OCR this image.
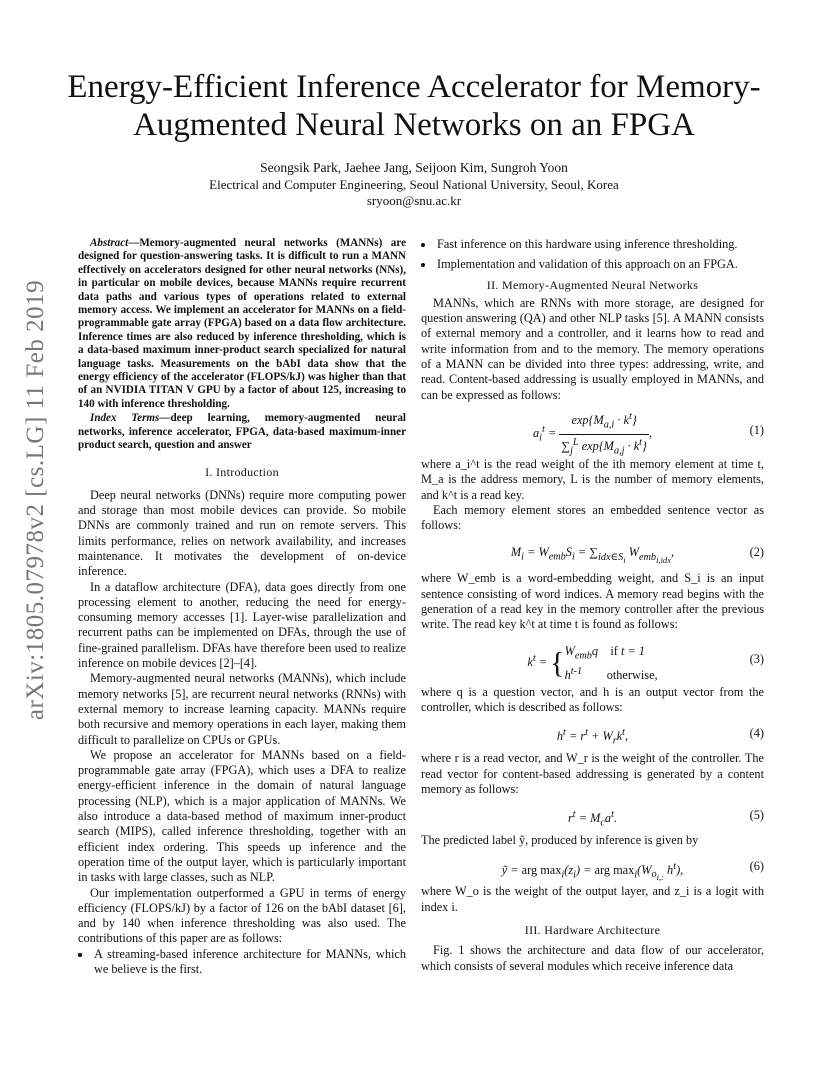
arXiv:1805.07978v2 [cs.LG] 11 Feb 2019
Energy-Efficient Inference Accelerator for Memory-Augmented Neural Networks on an FPGA
Seongsik Park, Jaehee Jang, Seijoon Kim, Sungroh Yoon
Electrical and Computer Engineering, Seoul National University, Seoul, Korea
sryoon@snu.ac.kr

Abstract—Memory-augmented neural networks (MANNs) are designed for question-answering tasks. It is difficult to run a MANN effectively on accelerators designed for other neural networks (NNs), in particular on mobile devices, because MANNs require recurrent data paths and various types of operations related to external memory access. We implement an accelerator for MANNs on a field-programmable gate array (FPGA) based on a data flow architecture. Inference times are also reduced by inference thresholding, which is a data-based maximum inner-product search specialized for natural language tasks. Measurements on the bAbI data show that the energy efficiency of the accelerator (FLOPS/kJ) was higher than that of an NVIDIA TITAN V GPU by a factor of about 125, increasing to 140 with inference thresholding.

Index Terms—deep learning, memory-augmented neural networks, inference accelerator, FPGA, data-based maximum-inner product search, question and answer

I. Introduction

Deep neural networks (DNNs) require more computing power and storage than most mobile devices can provide. So mobile DNNs are commonly trained and run on remote servers. This limits performance, relies on network availability, and increases maintenance. It motivates the development of on-device inference.

In a dataflow architecture (DFA), data goes directly from one processing element to another, reducing the need for energy-consuming memory accesses [1]. Layer-wise parallelization and recurrent paths can be implemented on DFAs, through the use of fine-grained parallelism. DFAs have therefore been used to realize inference on mobile devices [2]–[4].

Memory-augmented neural networks (MANNs), which include memory networks [5], are recurrent neural networks (RNNs) with external memory to increase learning capacity. MANNs require both recursive and memory operations in each layer, making them difficult to parallelize on CPUs or GPUs.

We propose an accelerator for MANNs based on a field-programmable gate array (FPGA), which uses a DFA to realize energy-efficient inference in the domain of natural language processing (NLP), which is a major application of MANNs. We also introduce a data-based method of maximum inner-product search (MIPS), called inference thresholding, together with an efficient index ordering. This speeds up inference and the operation time of the output layer, which is particularly important in tasks with large classes, such as NLP.

Our implementation outperformed a GPU in terms of energy efficiency (FLOPS/kJ) by a factor of 126 on the bAbI dataset [6], and by 140 when inference thresholding was also used. The contributions of this paper are as follows:

• A streaming-based inference architecture for MANNs, which we believe is the first.
• Fast inference on this hardware using inference thresholding.
• Implementation and validation of this approach on an FPGA.
II. Memory-Augmented Neural Networks

MANNs, which are RNNs with more storage, are designed for question answering (QA) and other NLP tasks [5]. A MANN consists of external memory and a controller, and it learns how to read and write information from and to the memory. The memory operations of a MANN can be divided into three types: addressing, write, and read. Content-based addressing is usually employed in MANNs, and can be expressed as follows:

$a_i^t = \frac{\exp\{M_{a,i} \cdot k^t\}}{\sum_j^L \exp\{M_{a,j} \cdot k^t\}}$ ,	(1)

where a_i^t is the read weight of the ith memory element at time t, M_a is the address memory, L is the number of memory elements, and k^t is a read key.

Each memory element stores an embedded sentence vector as follows:

$M_i = W_{emb}S_i = \sum_{idx\in S_i}$ $W_{emb_{i,idx}}$,	(2)

where W_emb is a word-embedding weight, and S_i is an input sentence consisting of word indices. A memory read begins with the generation of a read key in the memory controller after the previous write. The read key k^t at time t is found as follows:

$k^t$ = { $W_{emb}q$    if t = 1
$h^{t-1}$ otherwise,
(3)

where q is a question vector, and h is an output vector from the controller, which is described as follows:

$h^t = r^t + W_rk^t$,	(4)

where r is a read vector, and W_r is the weight of the controller. The read vector for content-based addressing is generated by a content memory as follows:

$r^t = M_ca^t$.	(5)

The predicted label ỹ, produced by inference is given by

ỹ = arg $\max_i(z_i)$ = arg $\max_i(W_{o_{i,:}}$ $h^t$),	(6)

where W_o is the weight of the output layer, and z_i is a logit with index i.

III. Hardware Architecture

Fig. 1 shows the architecture and data flow of our accelerator, which consists of several modules which receive inference data
